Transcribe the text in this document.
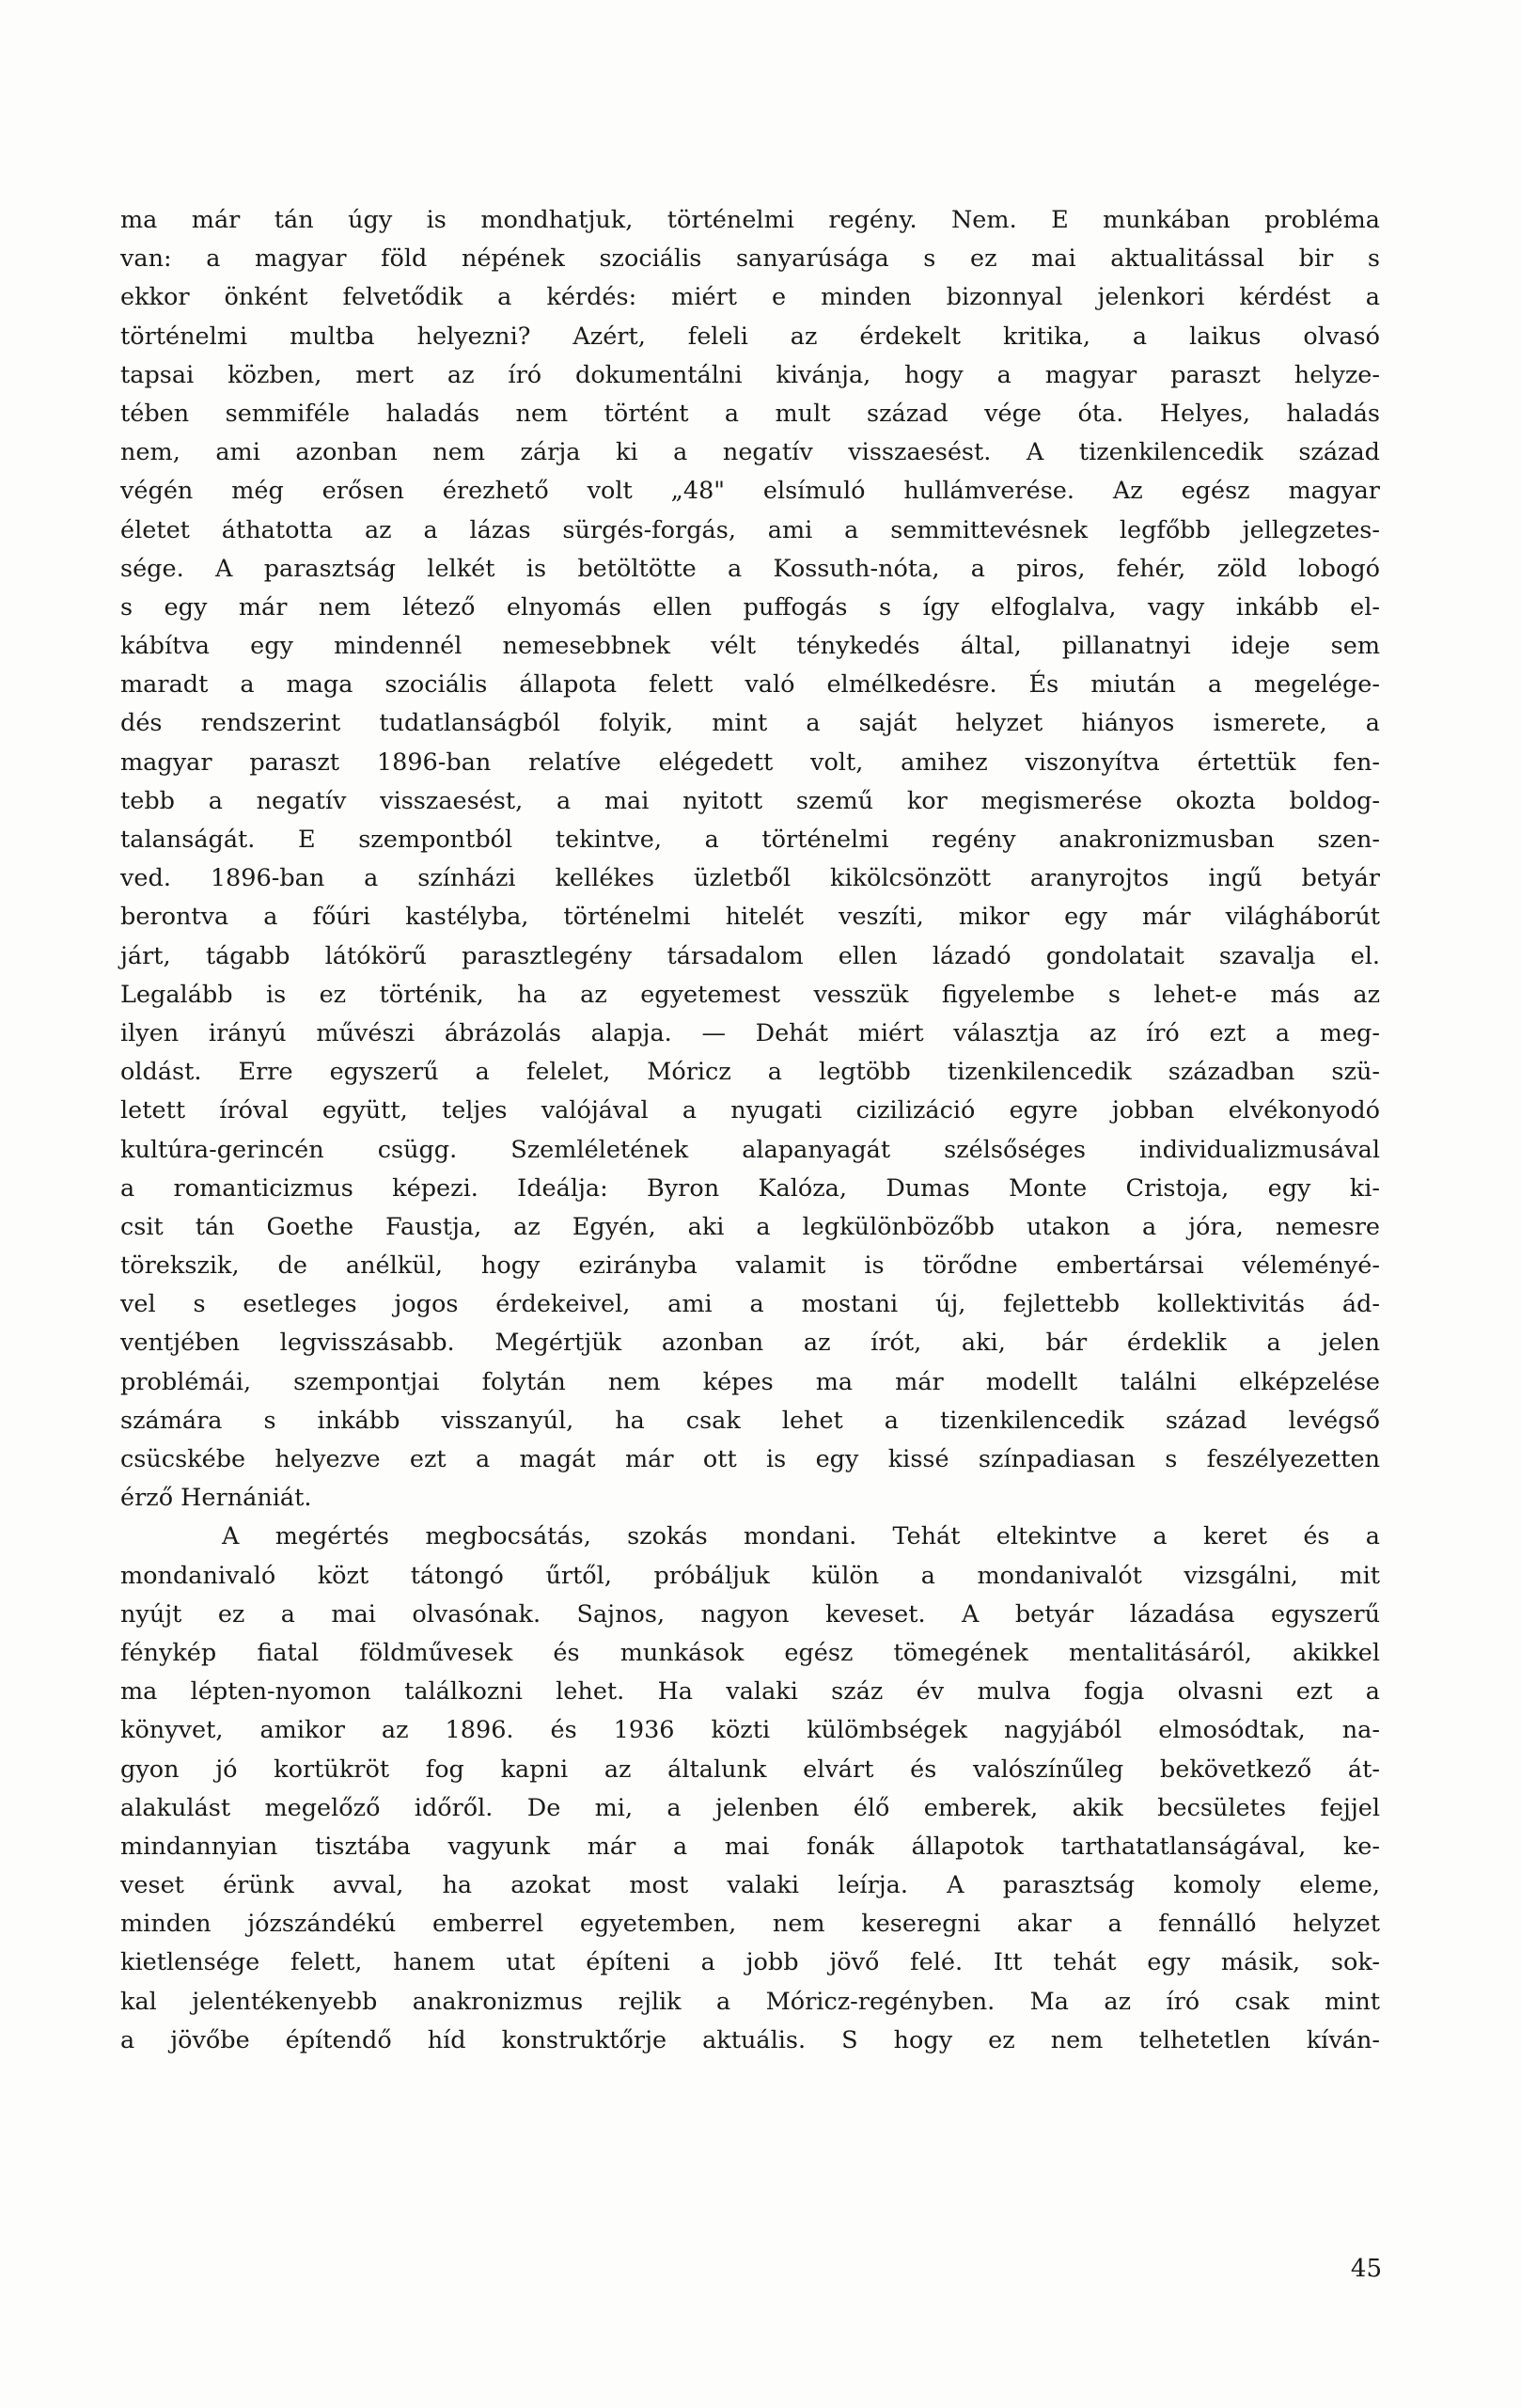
ma már tán úgy is mondhatjuk, történelmi regény. Nem. E munkában probléma
van: a magyar föld népének szociális sanyarúsága s ez mai aktualitással bir s
ekkor önként felvetődik a kérdés: miért e minden bizonnyal jelenkori kérdést a
történelmi multba helyezni? Azért, feleli az érdekelt kritika, a laikus olvasó
tapsai közben, mert az író dokumentálni kivánja, hogy a magyar paraszt helyze-
tében semmiféle haladás nem történt a mult század vége óta. Helyes, haladás
nem, ami azonban nem zárja ki a negatív visszaesést. A tizenkilencedik század
végén még erősen érezhető volt „48" elsímuló hullámverése. Az egész magyar
életet áthatotta az a lázas sürgés-forgás, ami a semmittevésnek legfőbb jellegzetes-
sége. A parasztság lelkét is betöltötte a Kossuth-nóta, a piros, fehér, zöld lobogó
s egy már nem létező elnyomás ellen puffogás s így elfoglalva, vagy inkább el-
kábítva egy mindennél nemesebbnek vélt ténykedés által, pillanatnyi ideje sem
maradt a maga szociális állapota felett való elmélkedésre. És miután a megelége-
dés rendszerint tudatlanságból folyik, mint a saját helyzet hiányos ismerete, a
magyar paraszt 1896-ban relatíve elégedett volt, amihez viszonyítva értettük fen-
tebb a negatív visszaesést, a mai nyitott szemű kor megismerése okozta boldog-
talanságát. E szempontból tekintve, a történelmi regény anakronizmusban szen-
ved. 1896-ban a színházi kellékes üzletből kikölcsönzött aranyrojtos ingű betyár
berontva a főúri kastélyba, történelmi hitelét veszíti, mikor egy már világháborút
járt, tágabb látókörű parasztlegény társadalom ellen lázadó gondolatait szavalja el.
Legalább is ez történik, ha az egyetemest vesszük figyelembe s lehet-e más az
ilyen irányú művészi ábrázolás alapja. — Dehát miért választja az író ezt a meg-
oldást. Erre egyszerű a felelet, Móricz a legtöbb tizenkilencedik században szü-
letett íróval együtt, teljes valójával a nyugati cizilizáció egyre jobban elvékonyodó
kultúra-gerincén csügg. Szemléletének alapanyagát szélsőséges individualizmusával
a romanticizmus képezi. Ideálja: Byron Kalóza, Dumas Monte Cristoja, egy ki-
csit tán Goethe Faustja, az Egyén, aki a legkülönbözőbb utakon a jóra, nemesre
törekszik, de anélkül, hogy ezirányba valamit is törődne embertársai véleményé-
vel s esetleges jogos érdekeivel, ami a mostani új, fejlettebb kollektivitás ád-
ventjében legvisszásabb. Megértjük azonban az írót, aki, bár érdeklik a jelen
problémái, szempontjai folytán nem képes ma már modellt találni elképzelése
számára s inkább visszanyúl, ha csak lehet a tizenkilencedik század levégső
csücskébe helyezve ezt a magát már ott is egy kissé színpadiasan s feszélyezetten
érző Hernániát.
A megértés megbocsátás, szokás mondani. Tehát eltekintve a keret és a
mondanivaló közt tátongó űrtől, próbáljuk külön a mondanivalót vizsgálni, mit
nyújt ez a mai olvasónak. Sajnos, nagyon keveset. A betyár lázadása egyszerű
fénykép fiatal földművesek és munkások egész tömegének mentalitásáról, akikkel
ma lépten-nyomon találkozni lehet. Ha valaki száz év mulva fogja olvasni ezt a
könyvet, amikor az 1896. és 1936 közti külömbségek nagyjából elmosódtak, na-
gyon jó kortükröt fog kapni az általunk elvárt és valószínűleg bekövetkező át-
alakulást megelőző időről. De mi, a jelenben élő emberek, akik becsületes fejjel
mindannyian tisztába vagyunk már a mai fonák állapotok tarthatatlanságával, ke-
veset érünk avval, ha azokat most valaki leírja. A parasztság komoly eleme,
minden józszándékú emberrel egyetemben, nem keseregni akar a fennálló helyzet
kietlensége felett, hanem utat építeni a jobb jövő felé. Itt tehát egy másik, sok-
kal jelentékenyebb anakronizmus rejlik a Móricz-regényben. Ma az író csak mint
a jövőbe építendő híd konstruktőrje aktuális. S hogy ez nem telhetetlen kíván-
45
